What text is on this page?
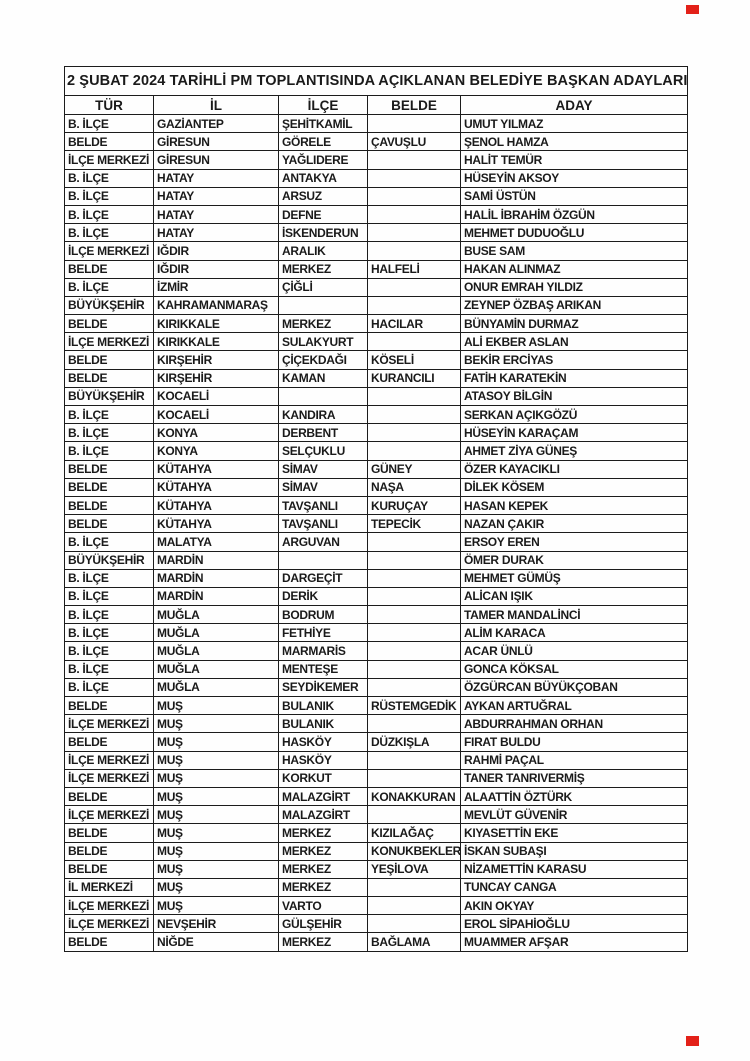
2 ŞUBAT 2024 TARİHLİ PM TOPLANTISINDA AÇIKLANAN BELEDİYE BAŞKAN ADAYLARI				
TÜR	İL	İLÇE	BELDE	ADAY
B. İLÇE	GAZİANTEP	ŞEHİTKAMİL		UMUT YILMAZ
BELDE	GİRESUN	GÖRELE	ÇAVUŞLU	ŞENOL HAMZA
İLÇE MERKEZİ	GİRESUN	YAĞLIDERE		HALİT TEMÜR
B. İLÇE	HATAY	ANTAKYA		HÜSEYİN AKSOY
B. İLÇE	HATAY	ARSUZ		SAMİ ÜSTÜN
B. İLÇE	HATAY	DEFNE		HALİL İBRAHİM ÖZGÜN
B. İLÇE	HATAY	İSKENDERUN		MEHMET DUDUOĞLU
İLÇE MERKEZİ	IĞDIR	ARALIK		BUSE SAM
BELDE	IĞDIR	MERKEZ	HALFELİ	HAKAN ALINMAZ
B. İLÇE	İZMİR	ÇİĞLİ		ONUR EMRAH YILDIZ
BÜYÜKŞEHİR	KAHRAMANMARAŞ			ZEYNEP ÖZBAŞ ARIKAN
BELDE	KIRIKKALE	MERKEZ	HACILAR	BÜNYAMİN DURMAZ
İLÇE MERKEZİ	KIRIKKALE	SULAKYURT		ALİ EKBER ASLAN
BELDE	KIRŞEHİR	ÇİÇEKDAĞI	KÖSELİ	BEKİR ERCİYAS
BELDE	KIRŞEHİR	KAMAN	KURANCILI	FATİH KARATEKİN
BÜYÜKŞEHİR	KOCAELİ			ATASOY BİLGİN
B. İLÇE	KOCAELİ	KANDIRA		SERKAN AÇIKGÖZÜ
B. İLÇE	KONYA	DERBENT		HÜSEYİN KARAÇAM
B. İLÇE	KONYA	SELÇUKLU		AHMET ZİYA GÜNEŞ
BELDE	KÜTAHYA	SİMAV	GÜNEY	ÖZER KAYACIKLI
BELDE	KÜTAHYA	SİMAV	NAŞA	DİLEK KÖSEM
BELDE	KÜTAHYA	TAVŞANLI	KURUÇAY	HASAN KEPEK
BELDE	KÜTAHYA	TAVŞANLI	TEPECİK	NAZAN ÇAKIR
B. İLÇE	MALATYA	ARGUVAN		ERSOY EREN
BÜYÜKŞEHİR	MARDİN			ÖMER DURAK
B. İLÇE	MARDİN	DARGEÇİT		MEHMET GÜMÜŞ
B. İLÇE	MARDİN	DERİK		ALİCAN IŞIK
B. İLÇE	MUĞLA	BODRUM		TAMER MANDALİNCİ
B. İLÇE	MUĞLA	FETHİYE		ALİM KARACA
B. İLÇE	MUĞLA	MARMARİS		ACAR ÜNLÜ
B. İLÇE	MUĞLA	MENTEŞE		GONCA KÖKSAL
B. İLÇE	MUĞLA	SEYDİKEMER		ÖZGÜRCAN BÜYÜKÇOBAN
BELDE	MUŞ	BULANIK	RÜSTEMGEDİK	AYKAN ARTUĞRAL
İLÇE MERKEZİ	MUŞ	BULANIK		ABDURRAHMAN ORHAN
BELDE	MUŞ	HASKÖY	DÜZKIŞLA	FIRAT BULDU
İLÇE MERKEZİ	MUŞ	HASKÖY		RAHMİ PAÇAL
İLÇE MERKEZİ	MUŞ	KORKUT		TANER TANRIVERMİŞ
BELDE	MUŞ	MALAZGİRT	KONAKKURAN	ALAATTİN ÖZTÜRK
İLÇE MERKEZİ	MUŞ	MALAZGİRT		MEVLÜT GÜVENİR
BELDE	MUŞ	MERKEZ	KIZILAĞAÇ	KIYASETTİN EKE
BELDE	MUŞ	MERKEZ	KONUKBEKLER	İSKAN SUBAŞI
BELDE	MUŞ	MERKEZ	YEŞİLOVA	NİZAMETTİN KARASU
İL MERKEZİ	MUŞ	MERKEZ		TUNCAY CANGA
İLÇE MERKEZİ	MUŞ	VARTO		AKIN OKYAY
İLÇE MERKEZİ	NEVŞEHİR	GÜLŞEHİR		EROL SİPAHİOĞLU
BELDE	NİĞDE	MERKEZ	BAĞLAMA	MUAMMER AFŞAR
